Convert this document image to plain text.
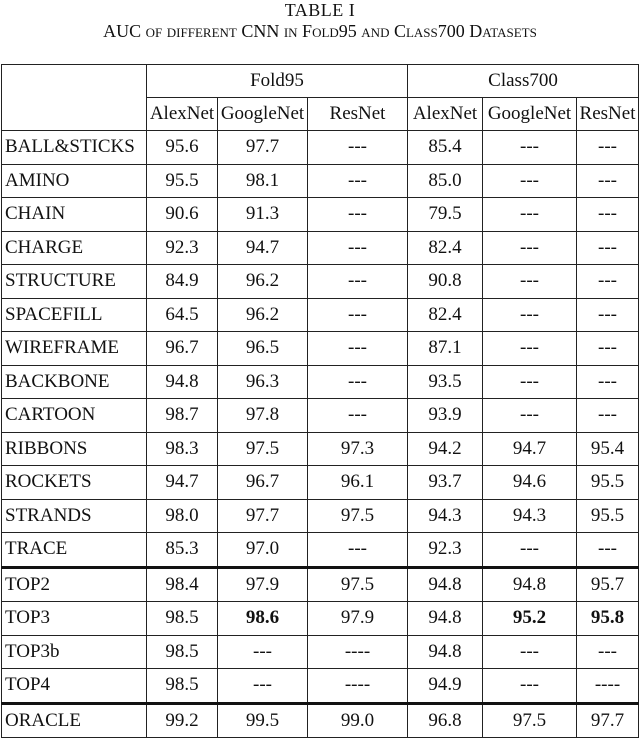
TABLE I
AUC of different CNN in Fold95 and Class700 Datasets
	Fold95			Class700		
	AlexNet	GoogleNet	ResNet	AlexNet	GoogleNet	ResNet
BALL&STICKS	95.6	97.7	---	85.4	---	---
AMINO	95.5	98.1	---	85.0	---	---
CHAIN	90.6	91.3	---	79.5	---	---
CHARGE	92.3	94.7	---	82.4	---	---
STRUCTURE	84.9	96.2	---	90.8	---	---
SPACEFILL	64.5	96.2	---	82.4	---	---
WIREFRAME	96.7	96.5	---	87.1	---	---
BACKBONE	94.8	96.3	---	93.5	---	---
CARTOON	98.7	97.8	---	93.9	---	---
RIBBONS	98.3	97.5	97.3	94.2	94.7	95.4
ROCKETS	94.7	96.7	96.1	93.7	94.6	95.5
STRANDS	98.0	97.7	97.5	94.3	94.3	95.5
TRACE	85.3	97.0	---	92.3	---	---
TOP2	98.4	97.9	97.5	94.8	94.8	95.7
TOP3	98.5	98.6	97.9	94.8	95.2	95.8
TOP3b	98.5	---	----	94.8	---	---
TOP4	98.5	---	----	94.9	---	----
ORACLE	99.2	99.5	99.0	96.8	97.5	97.7
